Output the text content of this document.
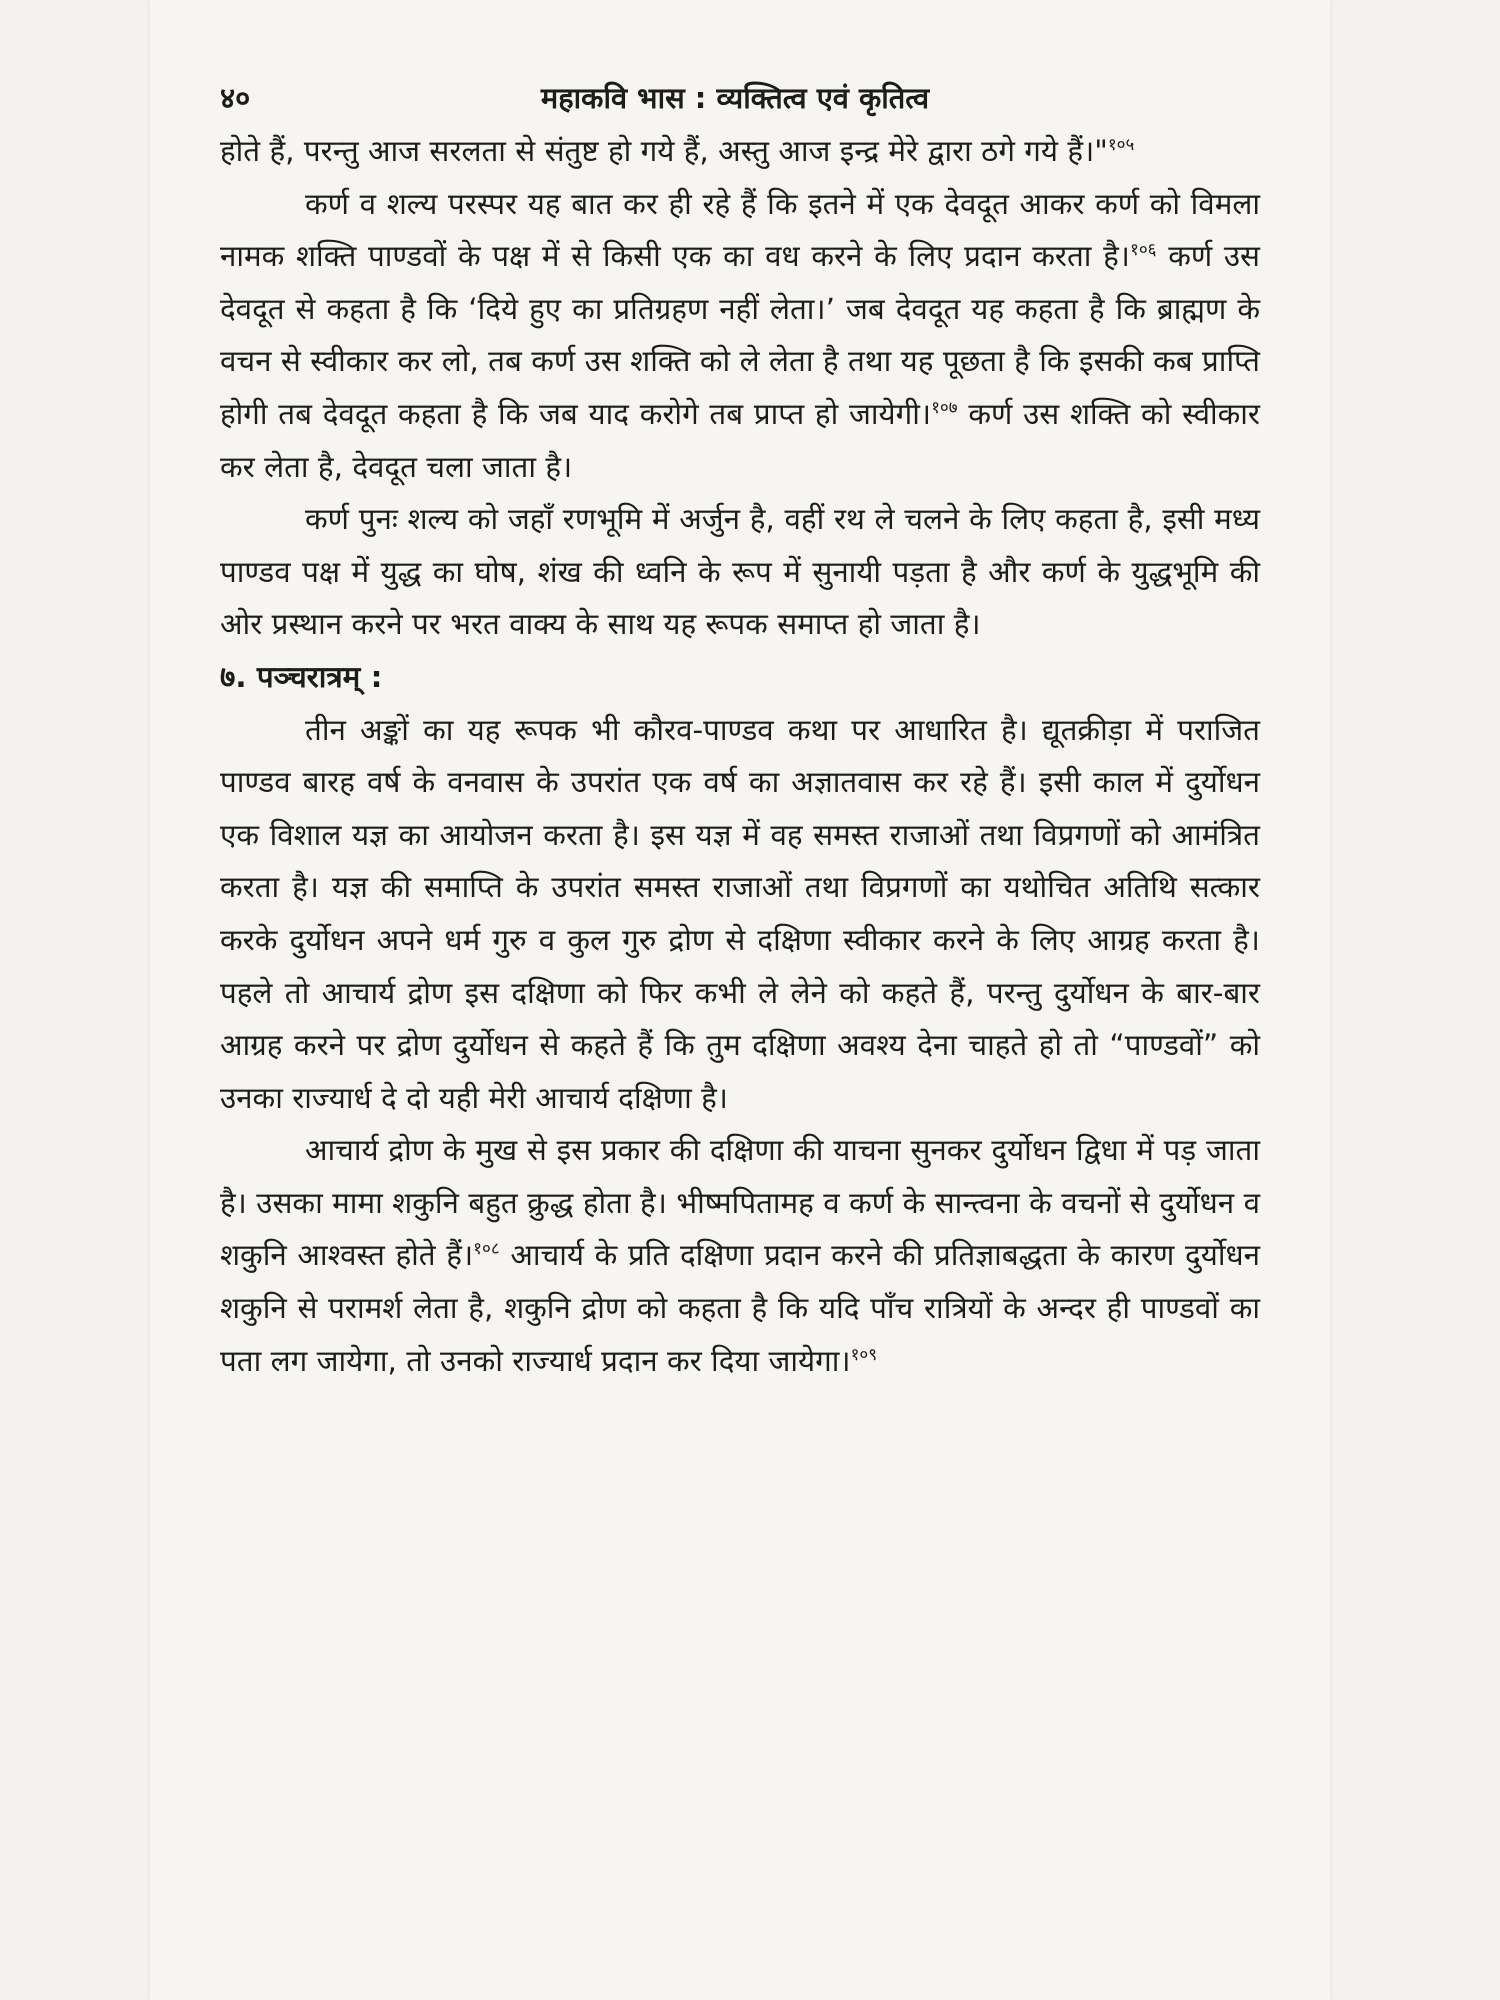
४०	महाकवि भास : व्यक्तित्व एवं कृतित्व

होते हैं, परन्तु आज सरलता से संतुष्ट हो गये हैं, अस्तु आज इन्द्र मेरे द्वारा ठगे गये हैं।"$^{१०५}$

कर्ण व शल्य परस्पर यह बात कर ही रहे हैं कि इतने में एक देवदूत आकर कर्ण को विमला नामक शक्ति पाण्डवों के पक्ष में से किसी एक का वध करने के लिए प्रदान करता है।$^{१०६}$ कर्ण उस देवदूत से कहता है कि ‘दिये हुए का प्रतिग्रहण नहीं लेता।’ जब देवदूत यह कहता है कि ब्राह्मण के वचन से स्वीकार कर लो, तब कर्ण उस शक्ति को ले लेता है तथा यह पूछता है कि इसकी कब प्राप्ति होगी तब देवदूत कहता है कि जब याद करोगे तब प्राप्त हो जायेगी।$^{१०७}$ कर्ण उस शक्ति को स्वीकार कर लेता है, देवदूत चला जाता है।

कर्ण पुनः शल्य को जहाँ रणभूमि में अर्जुन है, वहीं रथ ले चलने के लिए कहता है, इसी मध्य पाण्डव पक्ष में युद्ध का घोष, शंख की ध्वनि के रूप में सुनायी पड़ता है और कर्ण के युद्धभूमि की ओर प्रस्थान करने पर भरत वाक्य के साथ यह रूपक समाप्त हो जाता है।

७. पञ्चरात्रम् :

तीन अङ्कों का यह रूपक भी कौरव-पाण्डव कथा पर आधारित है। द्यूतक्रीड़ा में पराजित पाण्डव बारह वर्ष के वनवास के उपरांत एक वर्ष का अज्ञातवास कर रहे हैं। इसी काल में दुर्योधन एक विशाल यज्ञ का आयोजन करता है। इस यज्ञ में वह समस्त राजाओं तथा विप्रगणों को आमंत्रित करता है। यज्ञ की समाप्ति के उपरांत समस्त राजाओं तथा विप्रगणों का यथोचित अतिथि सत्कार करके दुर्योधन अपने धर्म गुरु व कुल गुरु द्रोण से दक्षिणा स्वीकार करने के लिए आग्रह करता है। पहले तो आचार्य द्रोण इस दक्षिणा को फिर कभी ले लेने को कहते हैं, परन्तु दुर्योधन के बार-बार आग्रह करने पर द्रोण दुर्योधन से कहते हैं कि तुम दक्षिणा अवश्य देना चाहते हो तो “पाण्डवों” को उनका राज्यार्ध दे दो यही मेरी आचार्य दक्षिणा है।

आचार्य द्रोण के मुख से इस प्रकार की दक्षिणा की याचना सुनकर दुर्योधन द्विधा में पड़ जाता है। उसका मामा शकुनि बहुत क्रुद्ध होता है। भीष्मपितामह व कर्ण के सान्त्वना के वचनों से दुर्योधन व शकुनि आश्वस्त होते हैं।$^{१०८}$ आचार्य के प्रति दक्षिणा प्रदान करने की प्रतिज्ञाबद्धता के कारण दुर्योधन शकुनि से परामर्श लेता है, शकुनि द्रोण को कहता है कि यदि पाँच रात्रियों के अन्दर ही पाण्डवों का पता लग जायेगा, तो उनको राज्यार्ध प्रदान कर दिया जायेगा।$^{१०९}$
